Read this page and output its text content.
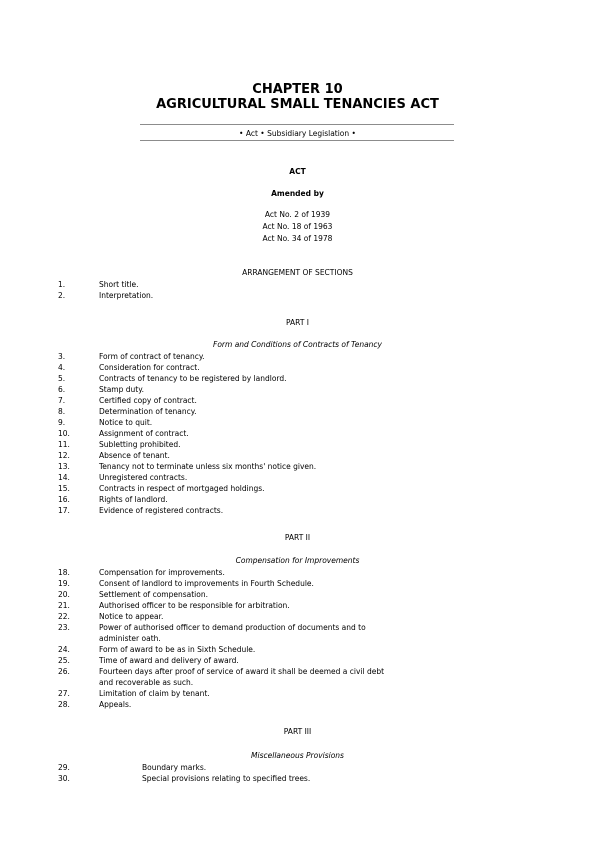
CHAPTER 10
AGRICULTURAL SMALL TENANCIES ACT
• Act • Subsidiary Legislation •
ACT
Amended by
Act No. 2 of 1939
Act No. 18 of 1963
Act No. 34 of 1978
ARRANGEMENT OF SECTIONS
1.	Short title.
2.	Interpretation.
PART I
Form and Conditions of Contracts of Tenancy
3.	Form of contract of tenancy.
4.	Consideration for contract.
5.	Contracts of tenancy to be registered by landlord.
6.	Stamp duty.
7.	Certified copy of contract.
8.	Determination of tenancy.
9.	Notice to quit.
10.	Assignment of contract.
11.	Subletting prohibited.
12.	Absence of tenant.
13.	Tenancy not to terminate unless six months' notice given.
14.	Unregistered contracts.
15.	Contracts in respect of mortgaged holdings.
16.	Rights of landlord.
17.	Evidence of registered contracts.
PART II
Compensation for Improvements
18.	Compensation for improvements.
19.	Consent of landlord to improvements in Fourth Schedule.
20.	Settlement of compensation.
21.	Authorised officer to be responsible for arbitration.
22.	Notice to appear.
23.	Power of authorised officer to demand production of documents and to
administer oath.
24.	Form of award to be as in Sixth Schedule.
25.	Time of award and delivery of award.
26.	Fourteen days after proof of service of award it shall be deemed a civil debt
and recoverable as such.
27.	Limitation of claim by tenant.
28.	Appeals.
PART III
Miscellaneous Provisions
29.	Boundary marks.
30.	Special provisions relating to specified trees.
